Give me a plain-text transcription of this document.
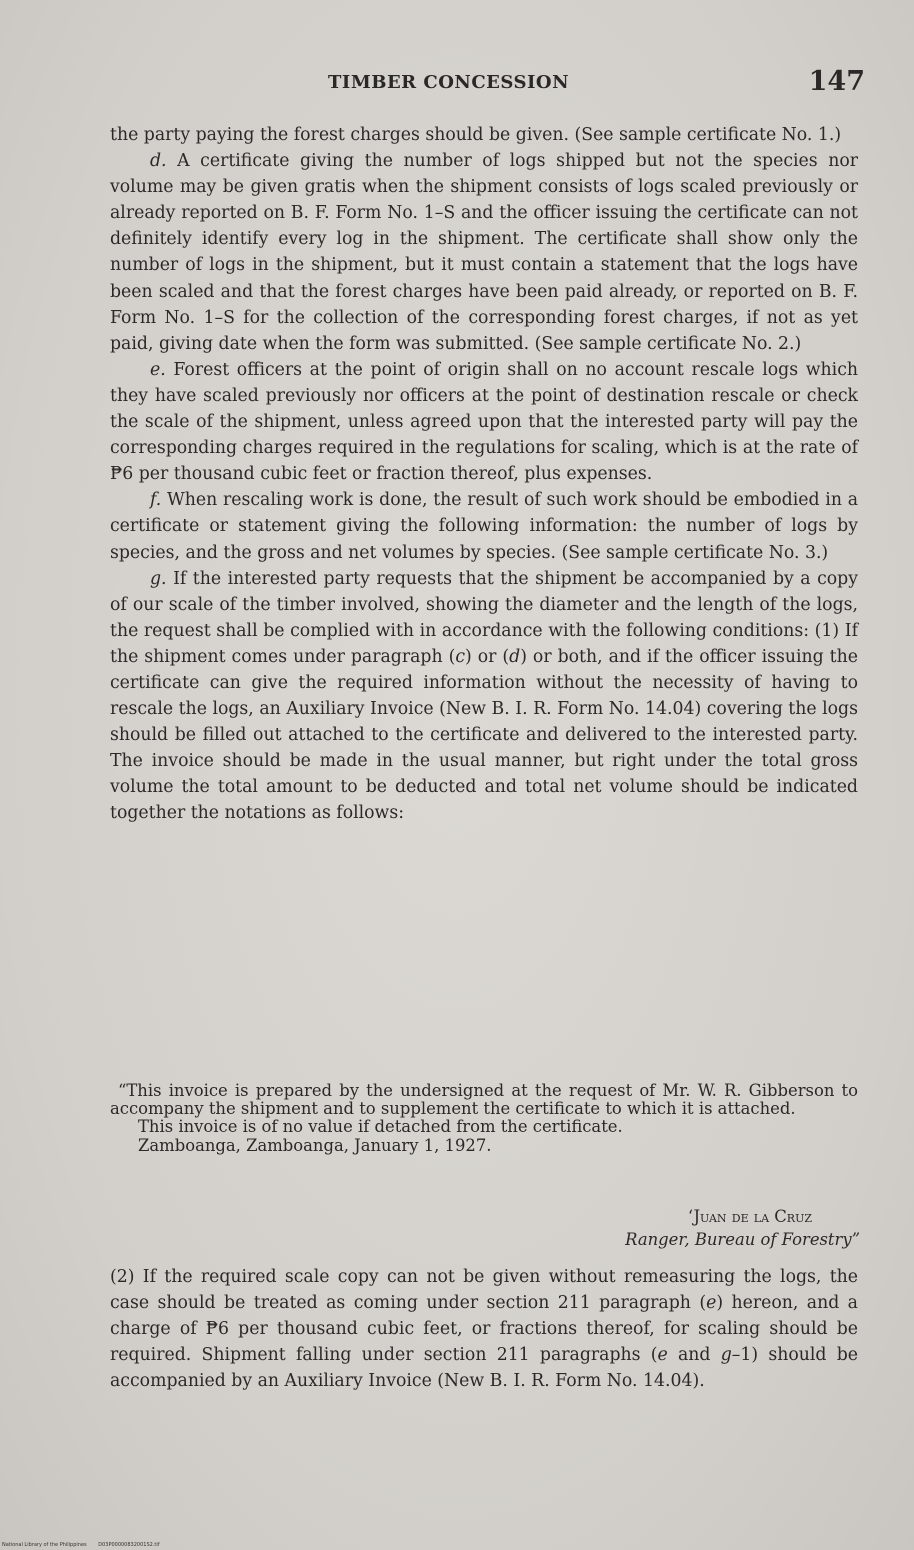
TIMBER CONCESSION	147

the party paying the forest charges should be given. (See sample certificate No. 1.)

d. A certificate giving the number of logs shipped but not the species nor volume may be given gratis when the shipment consists of logs scaled previously or already reported on B. F. Form No. 1–S and the officer issuing the certificate can not definitely identify every log in the shipment. The certificate shall show only the number of logs in the shipment, but it must contain a statement that the logs have been scaled and that the forest charges have been paid already, or reported on B. F. Form No. 1–S for the collection of the corresponding forest charges, if not as yet paid, giving date when the form was submitted. (See sample certificate No. 2.)

e. Forest officers at the point of origin shall on no account rescale logs which they have scaled previously nor officers at the point of destination rescale or check the scale of the shipment, unless agreed upon that the interested party will pay the corresponding charges required in the regulations for scaling, which is at the rate of ₱6 per thousand cubic feet or fraction thereof, plus expenses.

f. When rescaling work is done, the result of such work should be embodied in a certificate or statement giving the following information: the number of logs by species, and the gross and net volumes by species. (See sample certificate No. 3.)

g. If the interested party requests that the shipment be accompanied by a copy of our scale of the timber involved, showing the diameter and the length of the logs, the request shall be complied with in accordance with the following conditions: (1) If the shipment comes under paragraph (c) or (d) or both, and if the officer issuing the certificate can give the required information without the necessity of having to rescale the logs, an Auxiliary Invoice (New B. I. R. Form No. 14.04) covering the logs should be filled out attached to the certificate and delivered to the interested party. The invoice should be made in the usual manner, but right under the total gross volume the total amount to be deducted and total net volume should be indicated together the notations as follows:

“This invoice is prepared by the undersigned at the request of Mr. W. R. Gibberson to accompany the shipment and to supplement the certificate to which it is attached.

This invoice is of no value if detached from the certificate.

Zamboanga, Zamboanga, January 1, 1927.

‘Juan de la Cruz
Ranger, Bureau of Forestry”

(2) If the required scale copy can not be given without remeasuring the logs, the case should be treated as coming under section 211 paragraph (e) hereon, and a charge of ₱6 per thousand cubic feet, or fractions thereof, for scaling should be required. Shipment falling under section 211 paragraphs (e and g–1) should be accompanied by an Auxiliary Invoice (New B. I. R. Form No. 14.04).

National Library of the Philippines D03P00000832001S2.tif
